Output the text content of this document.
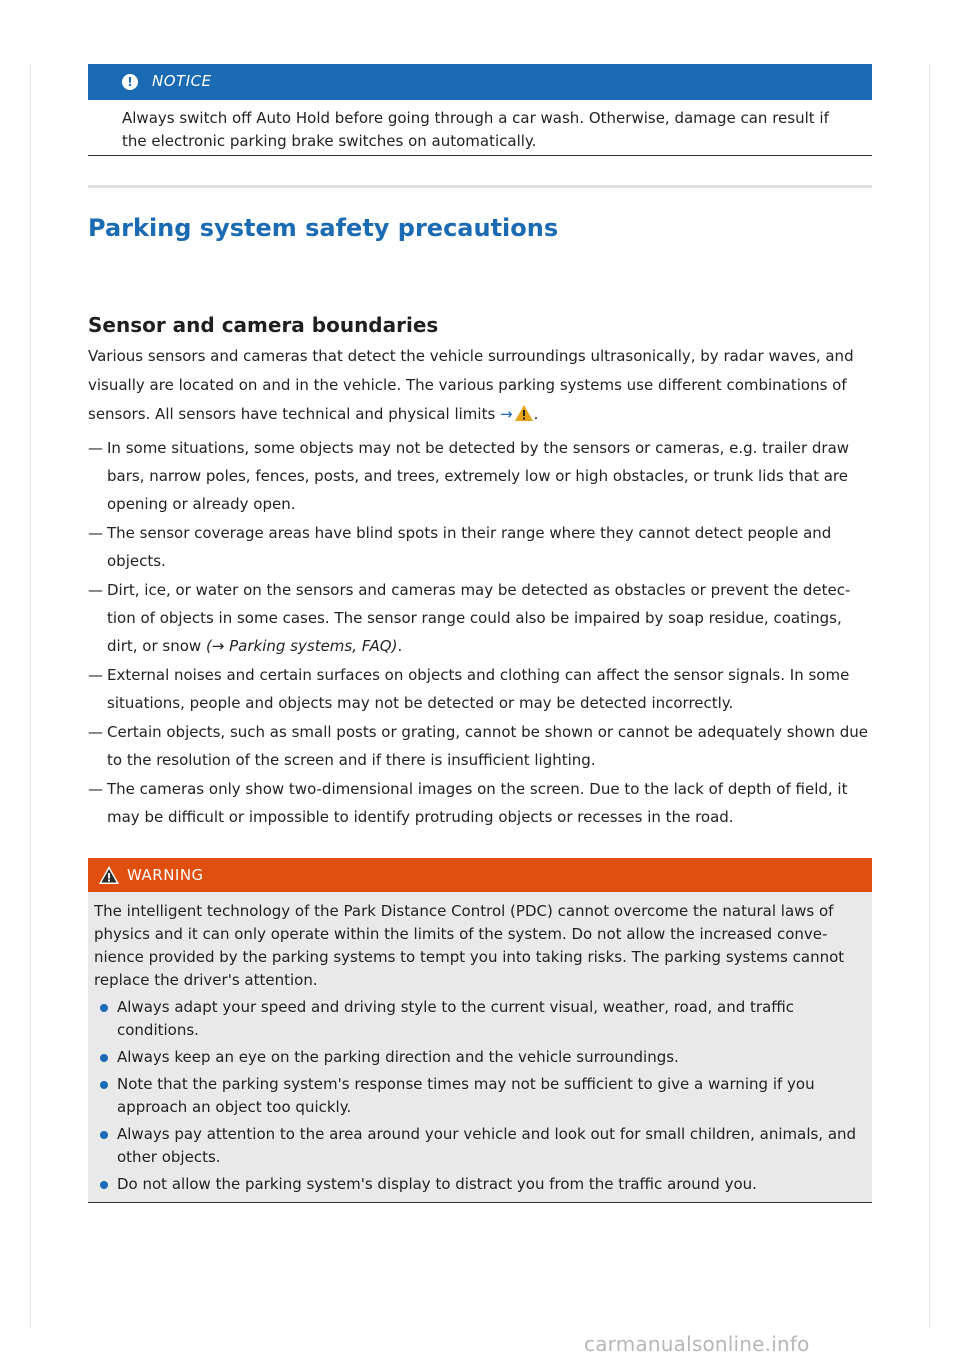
!	NOTICE
Always switch off Auto Hold before going through a car wash. Otherwise, damage can result if the electronic parking brake switches on automatically.
Parking system safety precautions
Sensor and camera boundaries
Various sensors and cameras that detect the vehicle surroundings ultrasonically, by radar waves, and visually are located on and in the vehicle. The various parking systems use different combinations of sensors. All sensors have technical and physical limits → .
— In some situations, some objects may not be detected by the sensors or cameras, e.g. trailer draw bars, narrow poles, fences, posts, and trees, extremely low or high obstacles, or trunk lids that are opening or already open.
— The sensor coverage areas have blind spots in their range where they cannot detect people and objects.
— Dirt, ice, or water on the sensors and cameras may be detected as obstacles or prevent the detec-tion of objects in some cases. The sensor range could also be impaired by soap residue, coatings, dirt, or snow (→ Parking systems, FAQ).
— External noises and certain surfaces on objects and clothing can affect the sensor signals. In some situations, people and objects may not be detected or may be detected incorrectly.
— Certain objects, such as small posts or grating, cannot be shown or cannot be adequately shown due to the resolution of the screen and if there is insufficient lighting.
— The cameras only show two-dimensional images on the screen. Due to the lack of depth of field, it may be difficult or impossible to identify protruding objects or recesses in the road.
WARNING
The intelligent technology of the Park Distance Control (PDC) cannot overcome the natural laws of physics and it can only operate within the limits of the system. Do not allow the increased conve-nience provided by the parking systems to tempt you into taking risks. The parking systems cannot replace the driver's attention.
Always adapt your speed and driving style to the current visual, weather, road, and traffic conditions.
Always keep an eye on the parking direction and the vehicle surroundings.
Note that the parking system's response times may not be sufficient to give a warning if you approach an object too quickly.
Always pay attention to the area around your vehicle and look out for small children, animals, and other objects.
Do not allow the parking system's display to distract you from the traffic around you.
carmanualsonline.info
